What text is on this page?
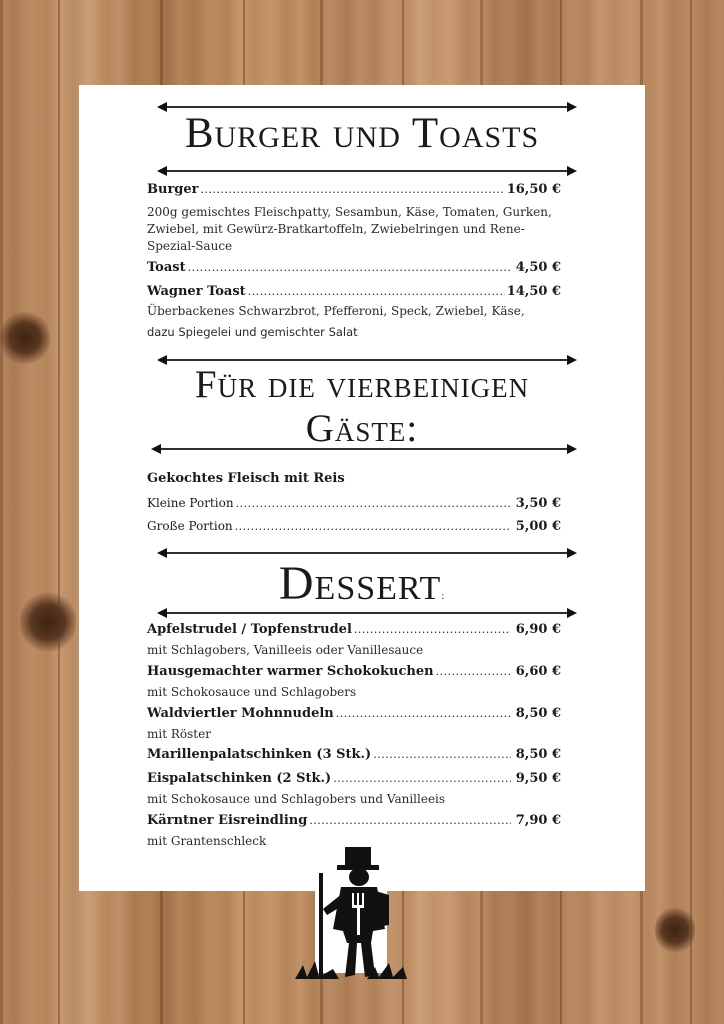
Burger und Toasts
Burger .....	16,50 €
200g gemischtes Fleischpatty, Sesambun, Käse, Tomaten, Gurken, Zwiebel, mit Gewürz-Bratkartoffeln, Zwiebelringen und Rene-Spezial-Sauce
Toast .....	4,50 €
Wagner Toast .....	14,50 €
Überbackenes Schwarzbrot, Pfefferoni, Speck, Zwiebel, Käse,
dazu Spiegelei und gemischter Salat
Für die vierbeinigen
Gäste:
Gekochtes Fleisch mit Reis
Kleine Portion .....	3,50 €
Große Portion .....	5,00 €
Dessert:
Apfelstrudel / Topfenstrudel .....	6,90 €
mit Schlagobers, Vanilleeis oder Vanillesauce
Hausgemachter warmer Schokokuchen .....	6,60 €
mit Schokosauce und Schlagobers
Waldviertler Mohnnudeln .....	8,50 €
mit Röster
Marillenpalatschinken (3 Stk.) .....	8,50 €
Eispalatschinken (2 Stk.) .....	9,50 €
mit Schokosauce und Schlagobers und Vanilleeis
Kärntner Eisreindling .....	7,90 €
mit Grantenschleck
